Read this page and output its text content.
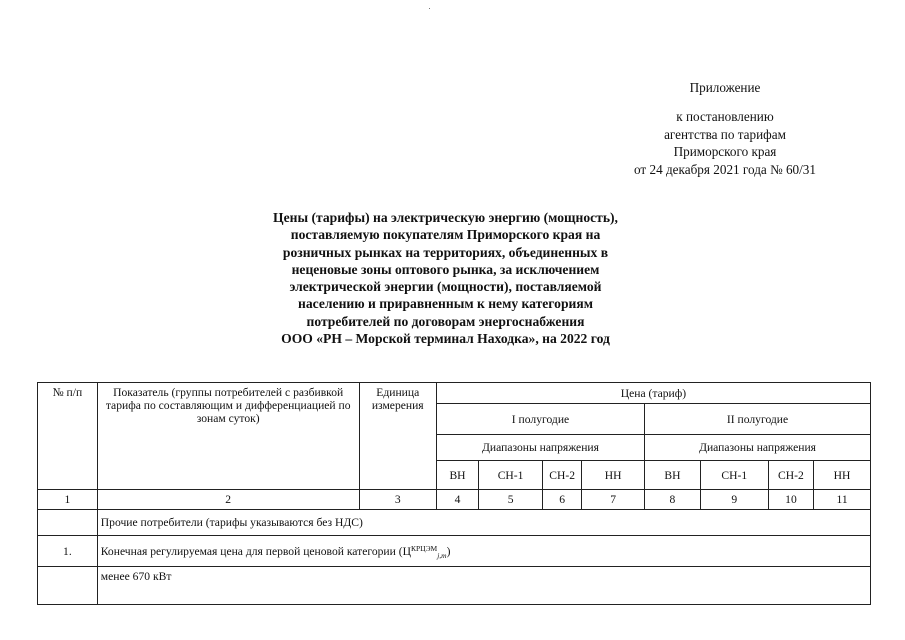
Приложение
к постановлению
агентства по тарифам
Приморского края
от 24 декабря 2021 года № 60/31
Цены (тарифы) на электрическую энергию (мощность),
поставляемую покупателям Приморского края на
розничных рынках на территориях, объединенных в
неценовые зоны оптового рынка, за исключением
электрической энергии (мощности), поставляемой
населению и приравненным к нему категориям
потребителей по договорам энергоснабжения
ООО «РН – Морской терминал Находка», на 2022 год
№ п/п	Показатель (группы потребителей с разбивкой тарифа по составляющим и дифференциацией по зонам суток)	Единица измерения	Цена (тариф)							
			I полугодие				II полугодие			
			Диапазоны напряжения				Диапазоны напряжения			
			ВН	СН-1	СН-2	НН	ВН	СН-1	СН-2	НН
1	2	3	4	5	6	7	8	9	10	11
	Прочие потребители (тарифы указываются без НДС)									
1.	Конечная регулируемая цена для первой ценовой категории $(Ц^{КРЦЭМ}_{j,m})$									
	менее 670 кВт									
